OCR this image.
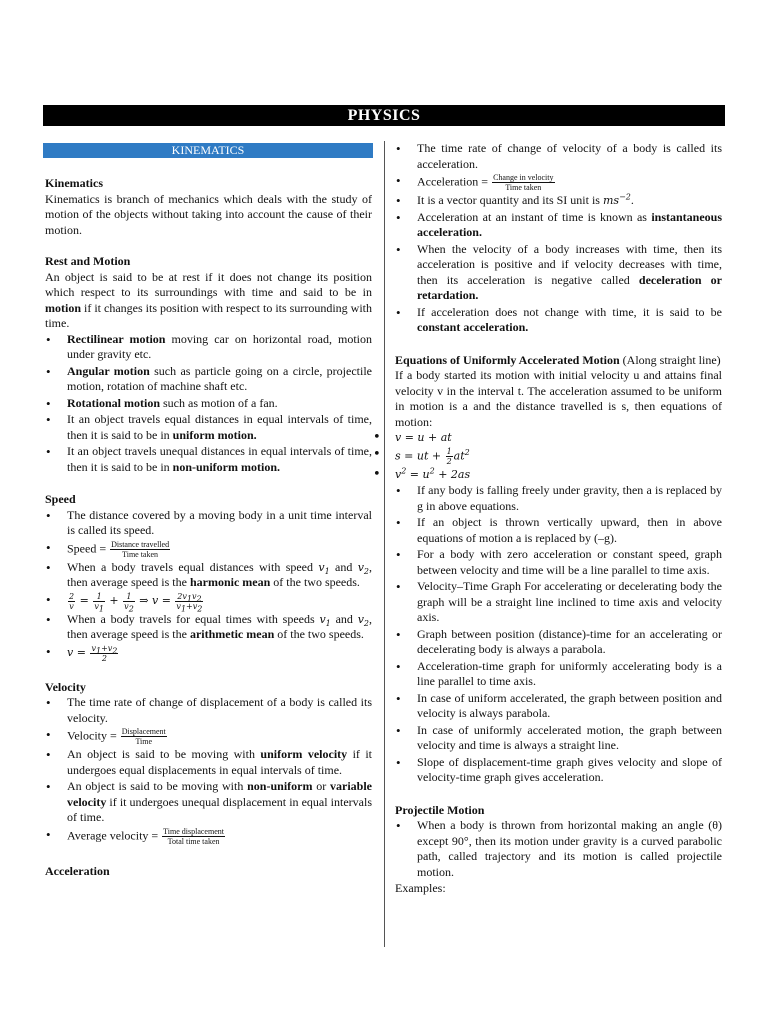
PHYSICS
KINEMATICS

Kinematics

Kinematics is branch of mechanics which deals with the study of motion of the objects without taking into account the cause of their motion.

Rest and Motion

An object is said to be at rest if it does not change its position which respect to its surroundings with time and said to be in motion if it changes its position with respect to its surrounding with time.

• Rectilinear motion moving car on horizontal road, motion under gravity etc.
• Angular motion such as particle going on a circle, projectile motion, rotation of machine shaft etc.
• Rotational motion such as motion of a fan.
• It an object travels equal distances in equal intervals of time, then it is said to be in uniform motion.
• It an object travels unequal distances in equal intervals of time, then it is said to be in non-uniform motion.

Speed

• The distance covered by a moving body in a unit time interval is called its speed.
• Speed = $\frac{\text{Distance travelled}}{\text{Time taken}}$
• When a body travels equal distances with speed $v_1$ and $v_2$, then average speed is the harmonic mean of the two speeds.
• $\frac{2}{v} = \frac{1}{v_1} + \frac{1}{v_2}$ ⇒ $v = \frac{2v_1v_2}{v_1+v_2}$
• When a body travels for equal times with speeds $v_1$ and $v_2$, then average speed is the arithmetic mean of the two speeds.
• $v = \frac{v_1+v_2}{2}$

Velocity

• The time rate of change of displacement of a body is called its velocity.
• Velocity = $\frac{\text{Displacement}}{\text{Time}}$
• An object is said to be moving with uniform velocity if it undergoes equal displacements in equal intervals of time.
• An object is said to be moving with non-uniform or variable velocity if it undergoes unequal displacement in equal intervals of time.
• Average velocity = $\frac{\text{Time displacement}}{\text{Total time taken}}$

Acceleration

• The time rate of change of velocity of a body is called its acceleration.
• Acceleration = $\frac{\text{Change in velocity}}{\text{Time taken}}$
• It is a vector quantity and its SI unit is $ms^{-2}$.
• Acceleration at an instant of time is known as instantaneous acceleration.
• When the velocity of a body increases with time, then its acceleration is positive and if velocity decreases with time, then its acceleration is negative called deceleration or retardation.
• If acceleration does not change with time, it is said to be constant acceleration.

Equations of Uniformly Accelerated Motion (Along straight line)

If a body started its motion with initial velocity u and attains final velocity v in the interval t. The acceleration assumed to be uniform in motion is a and the distance travelled is s, then equations of motion:

• v = u + at
• s = ut + $\frac{1}{2} at^2$
• $v^2 = u^2 + 2as$
• If any body is falling freely under gravity, then a is replaced by g in above equations.
• If an object is thrown vertically upward, then in above equations of motion a is replaced by (–g).
• For a body with zero acceleration or constant speed, graph between velocity and time will be a line parallel to time axis.
• Velocity–Time Graph For accelerating or decelerating body the graph will be a straight line inclined to time axis and velocity axis.
• Graph between position (distance)-time for an accelerating or decelerating body is always a parabola.
• Acceleration-time graph for uniformly accelerating body is a line parallel to time axis.
• In case of uniform accelerated, the graph between position and velocity is always parabola.
• In case of uniformly accelerated motion, the graph between velocity and time is always a straight line.
• Slope of displacement-time graph gives velocity and slope of velocity-time graph gives acceleration.

Projectile Motion

• When a body is thrown from horizontal making an angle (θ) except 90°, then its motion under gravity is a curved parabolic path, called trajectory and its motion is called projectile motion.

Examples:
